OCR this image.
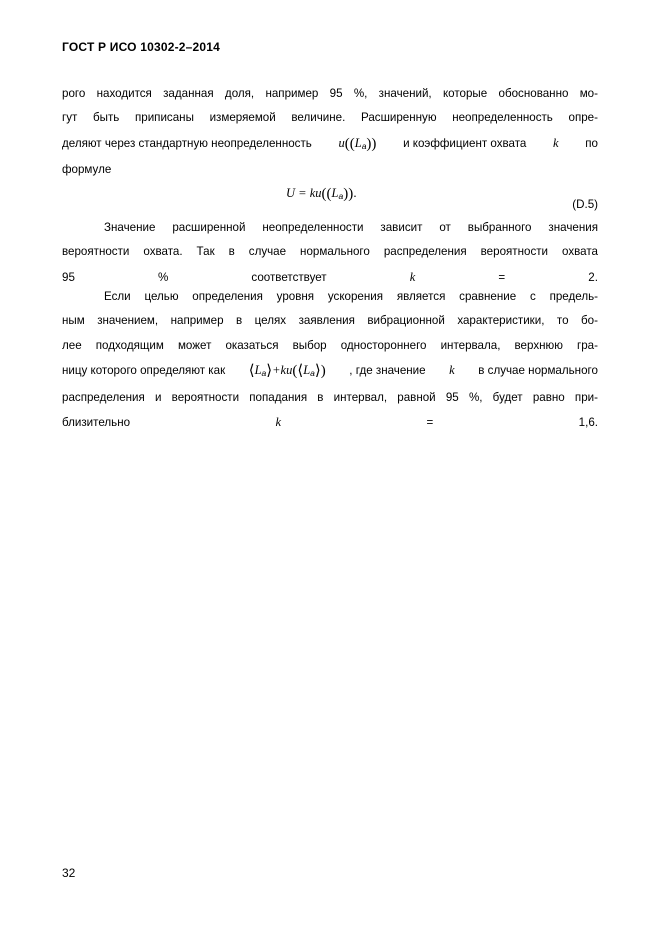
ГОСТ Р ИСО 10302-2–2014
рого находится заданная доля, например 95 %, значений, которые обоснованно мо-
гут быть приписаны измеряемой величине. Расширенную неопределенность опре-
деляют через стандартную неопределенность $u((L_a))$ и коэффициент охвата k по
формуле
$U = ku((L_a))$.
(D.5)
Значение расширенной неопределенности зависит от выбранного значения
вероятности охвата. Так в случае нормального распределения вероятности охвата
95 % соответствует	k	= 2.
Если целью определения уровня ускорения является сравнение с предель-
ным значением, например в целях заявления вибрационной характеристики, то бо-
лее подходящим может оказаться выбор одностороннего интервала, верхнюю гра-
ницу которого определяют как $⟨L_a⟩+ku(⟨L_a⟩)$ , где значение k в случае нормального
распределения и вероятности попадания в интервал, равной 95 %, будет равно при-
близительно	k	= 1,6.
32
